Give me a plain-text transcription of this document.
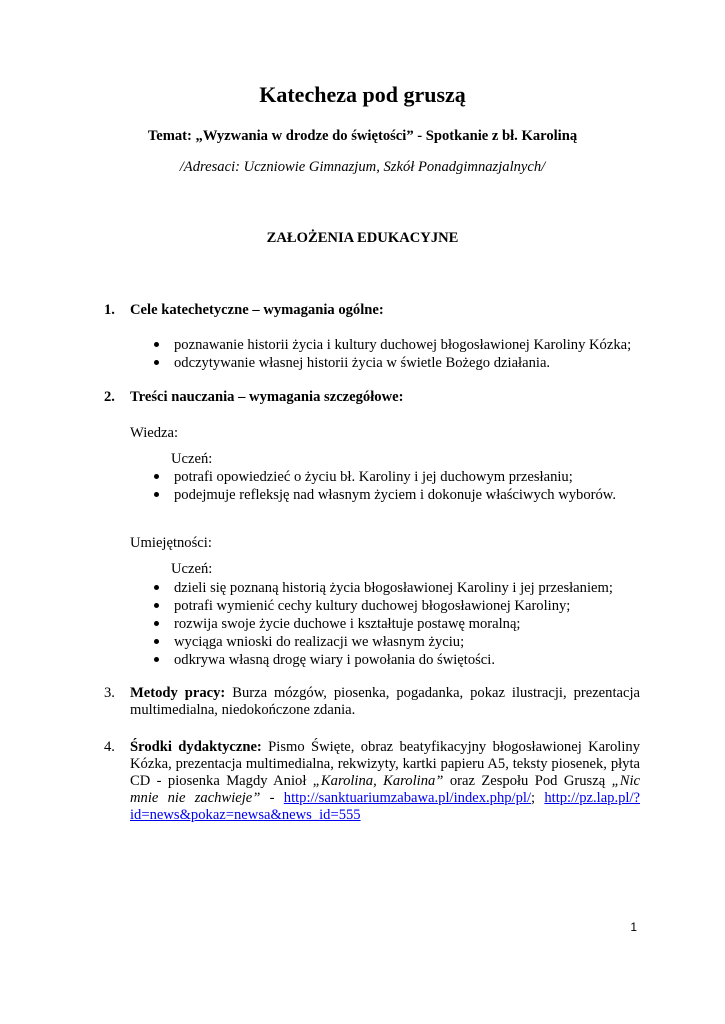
Katecheza pod gruszą
Temat: „Wyzwania w drodze do świętości” - Spotkanie z bł. Karoliną
/Adresaci: Uczniowie Gimnazjum, Szkół Ponadgimnazjalnych/
ZAŁOŻENIA EDUKACYJNE
1. Cele katechetyczne – wymagania ogólne:
poznawanie historii życia i kultury duchowej błogosławionej Karoliny Kózka;
odczytywanie własnej historii życia w świetle Bożego działania.
2. Treści nauczania – wymagania szczegółowe:
Wiedza:
Uczeń:
potrafi opowiedzieć o życiu bł. Karoliny i jej duchowym przesłaniu;
podejmuje refleksję nad własnym życiem i dokonuje właściwych wyborów.
Umiejętności:
Uczeń:
dzieli się poznaną historią życia błogosławionej Karoliny i jej przesłaniem;
potrafi wymienić cechy kultury duchowej błogosławionej Karoliny;
rozwija swoje życie duchowe i kształtuje postawę moralną;
wyciąga wnioski do realizacji we własnym życiu;
odkrywa własną drogę wiary i powołania do świętości.
3. Metody pracy: Burza mózgów, piosenka, pogadanka, pokaz ilustracji, prezentacja multimedialna, niedokończone zdania.

4. Środki dydaktyczne: Pismo Święte, obraz beatyfikacyjny błogosławionej Karoliny Kózka, prezentacja multimedialna, rekwizyty, kartki papieru A5, teksty piosenek, płyta CD - piosenka Magdy Anioł „Karolina, Karolina” oraz Zespołu Pod Gruszą „Nic mnie nie zachwieje” - http://sanktuariumzabawa.pl/index.php/pl/; http://pz.lap.pl/?id=news&pokaz=newsa&news_id=555

1
